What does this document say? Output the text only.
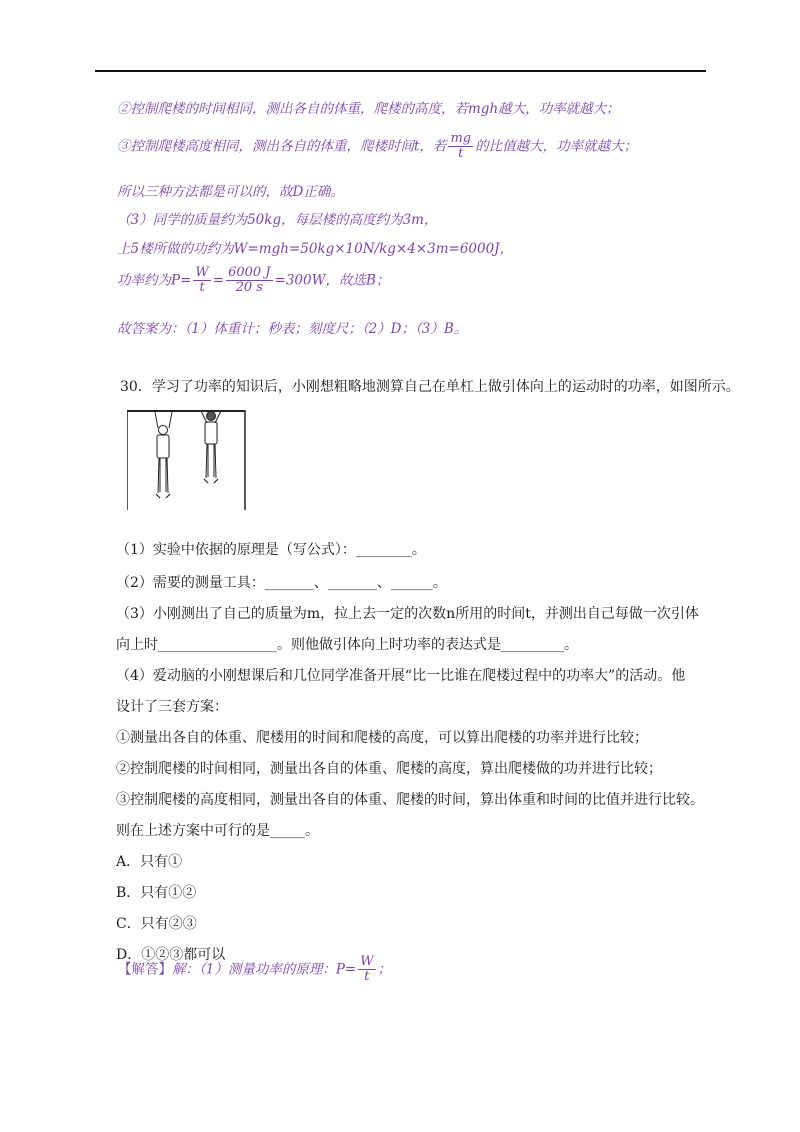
②控制爬楼的时间相同，测出各自的体重，爬楼的高度，若mgh越大，功率就越大；
③控制爬楼高度相同，测出各自的体重，爬楼时间t，若 $\frac{mg}{t}$ 的比值越大，功率就越大；
所以三种方法都是可以的，故D正确。
（3）同学的质量约为50kg，每层楼的高度约为3m，
上5楼所做的功约为W=mgh=50kg×10N/kg×4×3m=6000J，
功率约为$P= \frac{W}{t} = \frac{6000 J}{20 s} =300W$，故选B；
故答案为：（1）体重计；秒表；刻度尺；（2）D；（3）B。
30．学习了功率的知识后，小刚想粗略地测算自己在单杠上做引体向上的运动时的功率，如图所示。
（1）实验中依据的原理是（写公式）：________。
（2）需要的测量工具：_______、_______、______。
（3）小刚测出了自己的质量为m，拉上去一定的次数n所用的时间t，并测出自己每做一次引体
向上时_________________。则他做引体向上时功率的表达式是_________。
（4）爱动脑的小刚想课后和几位同学准备开展“比一比谁在爬楼过程中的功率大”的活动。他
设计了三套方案：
①测量出各自的体重、爬楼用的时间和爬楼的高度，可以算出爬楼的功率并进行比较；
②控制爬楼的时间相同，测量出各自的体重、爬楼的高度，算出爬楼做的功并进行比较；
③控制爬楼的高度相同，测量出各自的体重、爬楼的时间，算出体重和时间的比值并进行比较。
则在上述方案中可行的是_____。
A．只有①
B．只有①②
C．只有②③
D．①②③都可以
【解答】解：（1）测量功率的原理：$P= \frac{W}{t}$ ；
